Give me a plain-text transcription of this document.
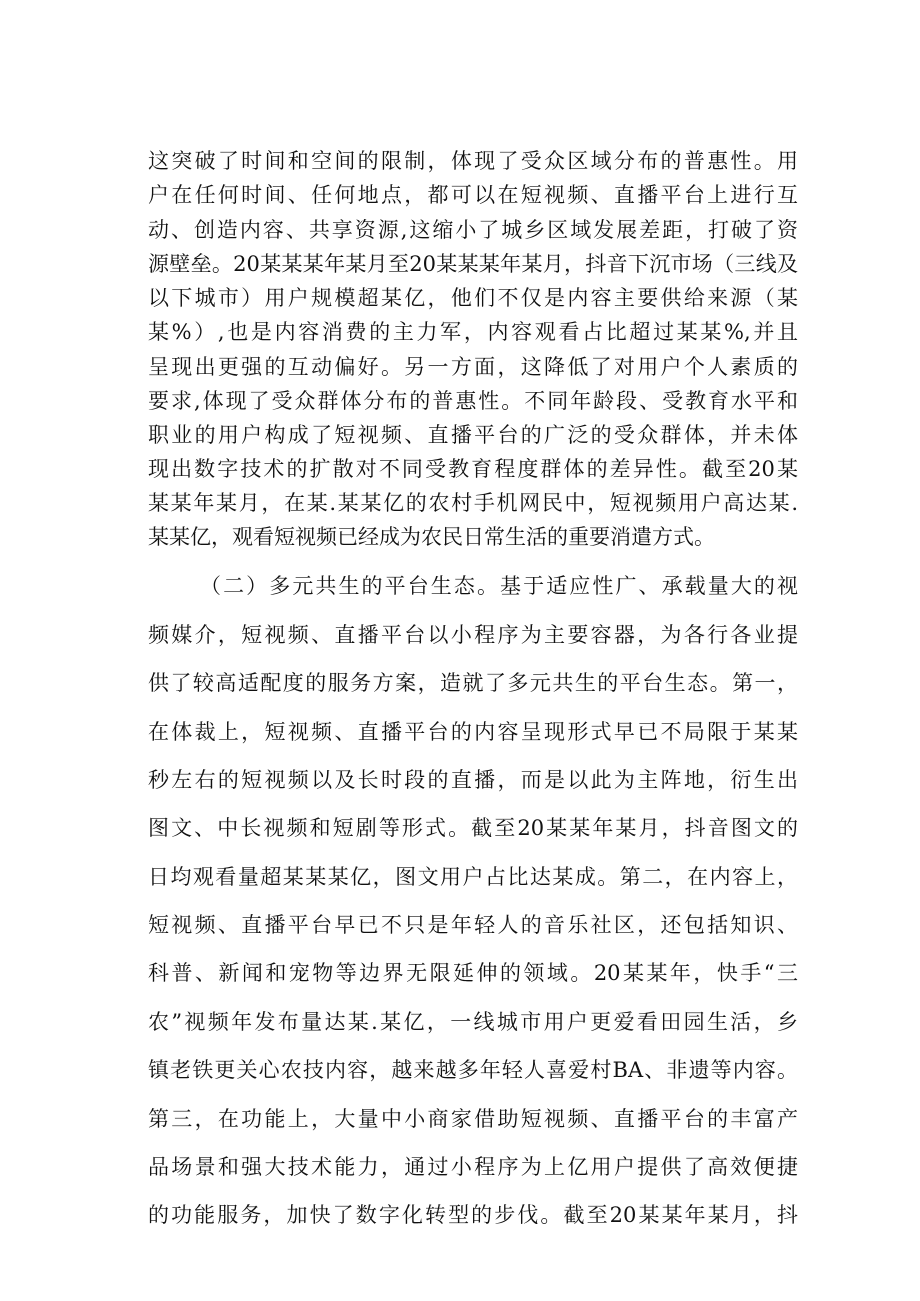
这突破了时间和空间的限制，体现了受众区域分布的普惠性。用
户在任何时间、任何地点，都可以在短视频、直播平台上进行互
动、创造内容、共享资源,这缩小了城乡区域发展差距，打破了资
源壁垒。20某某某年某月至20某某某年某月，抖音下沉市场（三线及
以下城市）用户规模超某亿，他们不仅是内容主要供给来源（某
某%）,也是内容消费的主力军，内容观看占比超过某某%,并且
呈现出更强的互动偏好。另一方面，这降低了对用户个人素质的
要求,体现了受众群体分布的普惠性。不同年龄段、受教育水平和
职业的用户构成了短视频、直播平台的广泛的受众群体，并未体
现出数字技术的扩散对不同受教育程度群体的差异性。截至20某
某某年某月，在某.某某亿的农村手机网民中，短视频用户高达某.
某某亿，观看短视频已经成为农民日常生活的重要消遣方式。
（二）多元共生的平台生态。基于适应性广、承载量大的视
频媒介，短视频、直播平台以小程序为主要容器，为各行各业提
供了较高适配度的服务方案，造就了多元共生的平台生态。第一，
在体裁上，短视频、直播平台的内容呈现形式早已不局限于某某
秒左右的短视频以及长时段的直播，而是以此为主阵地，衍生出
图文、中长视频和短剧等形式。截至20某某年某月，抖音图文的
日均观看量超某某某亿，图文用户占比达某成。第二，在内容上，
短视频、直播平台早已不只是年轻人的音乐社区，还包括知识、
科普、新闻和宠物等边界无限延伸的领域。20某某年，快手“三
农”视频年发布量达某.某亿，一线城市用户更爱看田园生活，乡
镇老铁更关心农技内容，越来越多年轻人喜爱村BA、非遗等内容。
第三，在功能上，大量中小商家借助短视频、直播平台的丰富产
品场景和强大技术能力，通过小程序为上亿用户提供了高效便捷
的功能服务，加快了数字化转型的步伐。截至20某某年某月，抖
